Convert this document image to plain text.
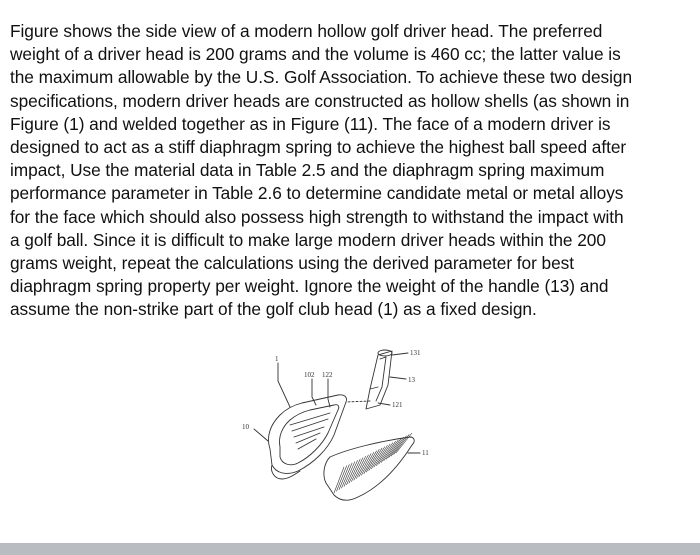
Figure shows the side view of a modern hollow golf driver head. The preferred
weight of a driver head is 200 grams and the volume is 460 cc; the latter value is
the maximum allowable by the U.S. Golf Association. To achieve these two design
specifications, modern driver heads are constructed as hollow shells (as shown in
Figure (1) and welded together as in Figure (11). The face of a modern driver is
designed to act as a stiff diaphragm spring to achieve the highest ball speed after
impact, Use the material data in Table 2.5 and the diaphragm spring maximum
performance parameter in Table 2.6 to determine candidate metal or metal alloys
for the face which should also possess high strength to withstand the impact with
a golf ball. Since it is difficult to make large modern driver heads within the 200
grams weight, repeat the calculations using the derived parameter for best
diaphragm spring property per weight. Ignore the weight of the handle (13) and
assume the non-strike part of the golf club head (1) as a fixed design.
1
102 122
131
13
121
10
11
